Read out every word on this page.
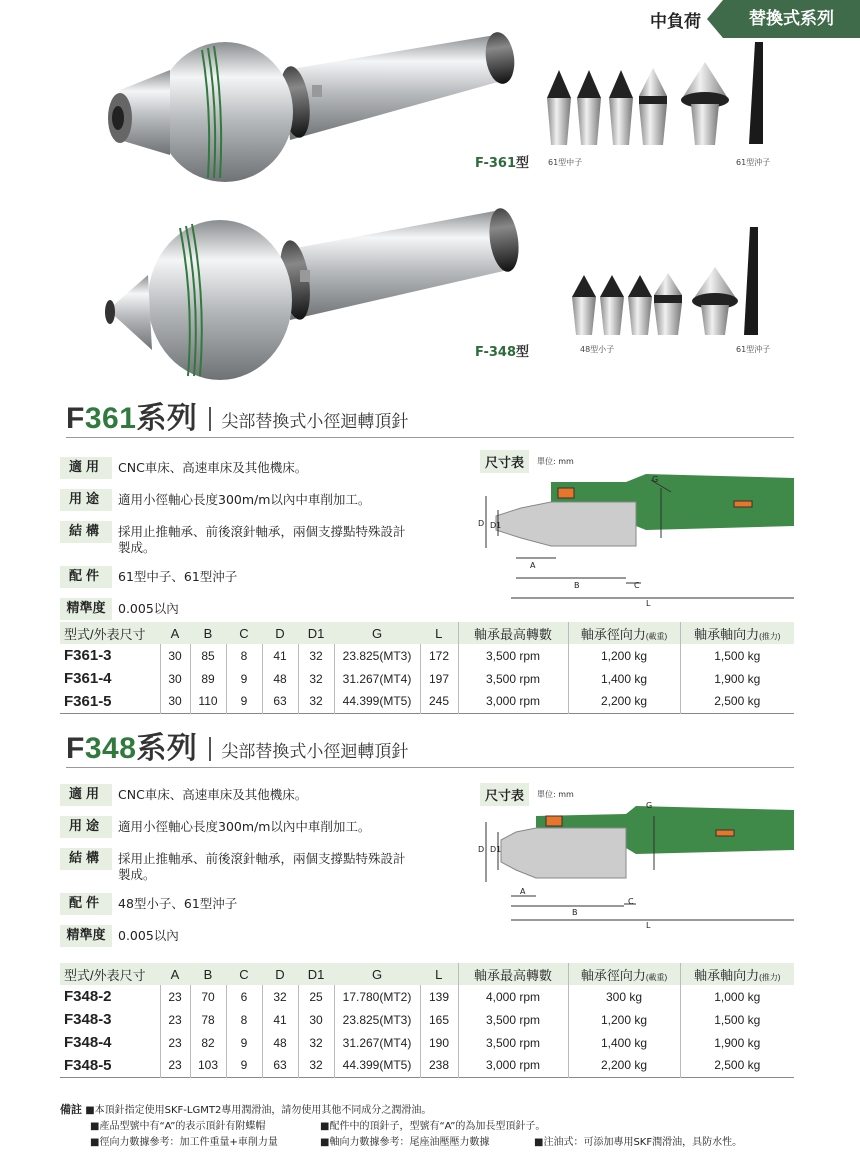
中負荷	替換式系列
F-361型 61型中子	61型沖子
F-348型	48型小子	61型沖子
F361系列 尖部替換式小徑迴轉頂針
適用	CNC車床、高速車床及其他機床。
用途	適用小徑軸心長度300m/m以內中車削加工。
結構	採用止推軸承、前後滾針軸承，兩個支撐點特殊設計製成。
配件	61型中子、61型沖子
精準度	0.005以內
尺寸表	單位: mm
D D1
A
B	C
L
G
型式/外表尺寸	A	B	C	D	D1	G	L	軸承最高轉數	軸承徑向力(載重)	軸承軸向力(推力)
F361-3	30	85	8	41	32	23.825(MT3)	172	3,500 rpm	1,200 kg	1,500 kg
F361-4	30	89	9	48	32	31.267(MT4)	197	3,500 rpm	1,400 kg	1,900 kg
F361-5	30	110	9	63	32	44.399(MT5)	245	3,000 rpm	2,200 kg	2,500 kg
F348系列 尖部替換式小徑迴轉頂針
適用	CNC車床、高速車床及其他機床。
用途	適用小徑軸心長度300m/m以內中車削加工。
結構	採用止推軸承、前後滾針軸承，兩個支撐點特殊設計製成。
配件	48型小子、61型沖子
精準度	0.005以內
尺寸表	單位: mm
D D1
A
B
C
L
G
型式/外表尺寸	A	B	C	D	D1	G	L	軸承最高轉數	軸承徑向力(載重)	軸承軸向力(推力)
F348-2	23	70	6	32	25	17.780(MT2)	139	4,000 rpm	300 kg	1,000 kg
F348-3	23	78	8	41	30	23.825(MT3)	165	3,500 rpm	1,200 kg	1,500 kg
F348-4	23	82	9	48	32	31.267(MT4)	190	3,500 rpm	1,400 kg	1,900 kg
F348-5	23	103	9	63	32	44.399(MT5)	238	3,000 rpm	2,200 kg	2,500 kg
備註 ■本頂針指定使用SKF-LGMT2專用潤滑油，請勿使用其他不同成分之潤滑油。
■產品型號中有“A”的表示頂針有附蝶帽	■配件中的頂針子，型號有“A”的為加長型頂針子。
■徑向力數據參考：加工件重量+車削力量	■軸向力數據參考：尾座油壓壓力數據	■注油式：可添加專用SKF潤滑油，具防水性。
